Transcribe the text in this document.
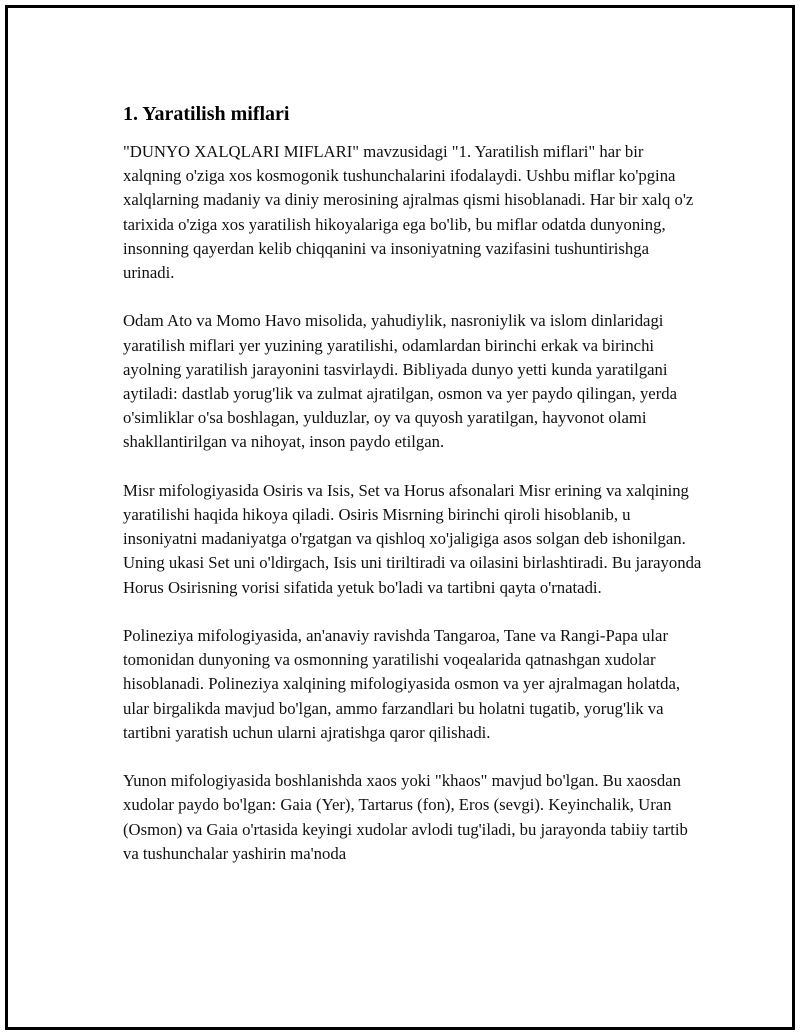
1. Yaratilish miflari

"DUNYO XALQLARI MIFLARI" mavzusidagi "1. Yaratilish miflari" har bir xalqning o'ziga xos kosmogonik tushunchalarini ifodalaydi. Ushbu miflar ko'pgina xalqlarning madaniy va diniy merosining ajralmas qismi hisoblanadi. Har bir xalq o'z tarixida o'ziga xos yaratilish hikoyalariga ega bo'lib, bu miflar odatda dunyoning, insonning qayerdan kelib chiqqanini va insoniyatning vazifasini tushuntirishga urinadi.

Odam Ato va Momo Havo misolida, yahudiylik, nasroniylik va islom dinlaridagi yaratilish miflari yer yuzining yaratilishi, odamlardan birinchi erkak va birinchi ayolning yaratilish jarayonini tasvirlaydi. Bibliyada dunyo yetti kunda yaratilgani aytiladi: dastlab yorug'lik va zulmat ajratilgan, osmon va yer paydo qilingan, yerda o'simliklar o'sa boshlagan, yulduzlar, oy va quyosh yaratilgan, hayvonot olami shakllantirilgan va nihoyat, inson paydo etilgan.

Misr mifologiyasida Osiris va Isis, Set va Horus afsonalari Misr erining va xalqining yaratilishi haqida hikoya qiladi. Osiris Misrning birinchi qiroli hisoblanib, u insoniyatni madaniyatga o'rgatgan va qishloq xo'jaligiga asos solgan deb ishonilgan. Uning ukasi Set uni o'ldirgach, Isis uni tiriltiradi va oilasini birlashtiradi. Bu jarayonda Horus Osirisning vorisi sifatida yetuk bo'ladi va tartibni qayta o'rnatadi.

Polineziya mifologiyasida, an'anaviy ravishda Tangaroa, Tane va Rangi-Papa ular tomonidan dunyoning va osmonning yaratilishi voqealarida qatnashgan xudolar hisoblanadi. Polineziya xalqining mifologiyasida osmon va yer ajralmagan holatda, ular birgalikda mavjud bo'lgan, ammo farzandlari bu holatni tugatib, yorug'lik va tartibni yaratish uchun ularni ajratishga qaror qilishadi.

Yunon mifologiyasida boshlanishda xaos yoki "khaos" mavjud bo'lgan. Bu xaosdan xudolar paydo bo'lgan: Gaia (Yer), Tartarus (fon), Eros (sevgi). Keyinchalik, Uran (Osmon) va Gaia o'rtasida keyingi xudolar avlodi tug'iladi, bu jarayonda tabiiy tartib va tushunchalar yashirin ma'noda
